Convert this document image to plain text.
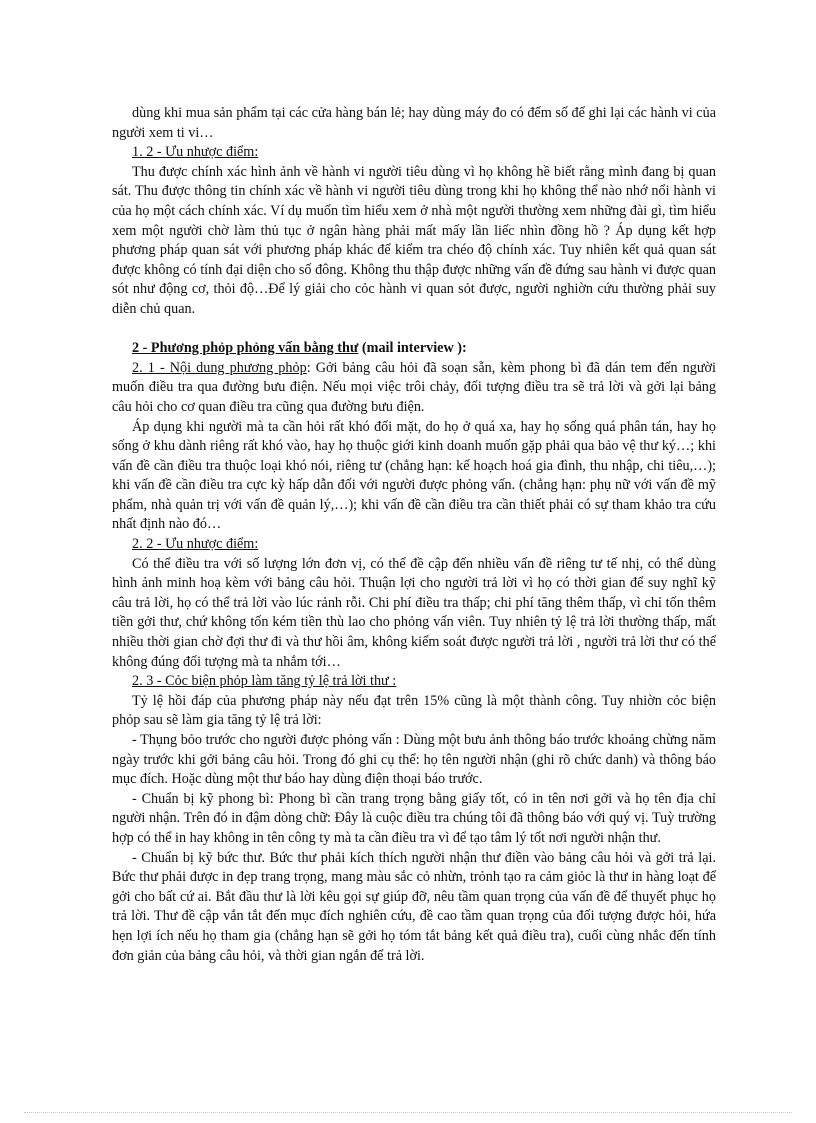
dùng khi mua sản phẩm tại các cửa hàng bán lẻ; hay dùng máy đo có đếm số để ghi lại các hành vi của người xem ti vi…

1. 2 - Ưu nhược điểm:

Thu được chính xác hình ảnh về hành vi người tiêu dùng vì họ không hề biết rằng mình đang bị quan sát. Thu được thông tin chính xác về hành vi người tiêu dùng trong khi họ không thể nào nhớ nổi hành vi của họ một cách chính xác. Ví dụ muốn tìm hiểu xem ở nhà một người thường xem những đài gì, tìm hiểu xem một người chờ làm thủ tục ở ngân hàng phải mất mấy lần liếc nhìn đồng hồ ? Áp dụng kết hợp phương pháp quan sát với phương pháp khác để kiểm tra chéo độ chính xác. Tuy nhiên kết quả quan sát được không có tính đại diện cho số đông. Không thu thập được những vấn đề đứng sau hành vi được quan sót như động cơ, thỏi độ…Để lý giải cho cỏc hành vi quan sỏt được, người nghiờn cứu thường phải suy diễn chủ quan.

2 - Phương phỏp phỏng vấn bằng thư (mail interview ):

2. 1 - Nội dung phương phỏp: Gởi bảng câu hỏi đã soạn sẵn, kèm phong bì đã dán tem đến người muốn điều tra qua đường bưu điện. Nếu mọi việc trôi chảy, đối tượng điều tra sẽ trả lời và gởi lại bảng câu hỏi cho cơ quan điều tra cũng qua đường bưu điện.

Áp dụng khi người mà ta cần hỏi rất khó đối mặt, do họ ở quá xa, hay họ sống quá phân tán, hay họ sống ở khu dành riêng rất khó vào, hay họ thuộc giới kinh doanh muốn gặp phải qua bảo vệ thư ký…; khi vấn đề cần điều tra thuộc loại khó nói, riêng tư (chẳng hạn: kế hoạch hoá gia đình, thu nhập, chi tiêu,…); khi vấn đề cần điều tra cực kỳ hấp dẫn đối với người được phỏng vấn. (chẳng hạn: phụ nữ với vấn đề mỹ phẩm, nhà quản trị với vấn đề quản lý,…); khi vấn đề cần điều tra cần thiết phải có sự tham khảo tra cứu nhất định nào đó…

2. 2 - Ưu nhược điểm:

Có thể điều tra với số lượng lớn đơn vị, có thể đề cập đến nhiều vấn đề riêng tư tế nhị, có thể dùng hình ảnh minh hoạ kèm với bảng câu hỏi. Thuận lợi cho người trả lời vì họ có thời gian để suy nghĩ kỹ câu trả lời, họ có thể trả lời vào lúc rảnh rỗi. Chi phí điều tra thấp; chi phí tăng thêm thấp, vì chỉ tốn thêm tiền gởi thư, chứ không tốn kém tiền thù lao cho phỏng vấn viên. Tuy nhiên tỷ lệ trả lời thường thấp, mất nhiều thời gian chờ đợi thư đi và thư hồi âm, không kiểm soát được người trả lời , người trả lời thư có thể không đúng đối tượng mà ta nhắm tới…

2. 3 - Cỏc biện phỏp làm tăng tỷ lệ trả lời thư :

Tỷ lệ hồi đáp của phương pháp này nếu đạt trên 15% cũng là một thành công. Tuy nhiờn cỏc biện phỏp sau sẽ làm gia tăng tỷ lệ trả lời:

- Thụng bỏo trước cho người được phỏng vấn : Dùng một bưu ảnh thông báo trước khoảng chừng năm ngày trước khi gởi bảng câu hỏi. Trong đó ghi cụ thể: họ tên người nhận (ghi rõ chức danh) và thông báo mục đích. Hoặc dùng một thư báo hay dùng điện thoại báo trước.

- Chuẩn bị kỹ phong bì: Phong bì cần trang trọng bằng giấy tốt, có in tên nơi gởi và họ tên địa chỉ người nhận. Trên đó in đậm dòng chữ: Đây là cuộc điều tra chúng tôi đã thông báo với quý vị. Tuỳ trường hợp có thể in hay không in tên công ty mà ta cần điều tra vì để tạo tâm lý tốt nơi người nhận thư.

- Chuẩn bị kỹ bức thư. Bức thư phải kích thích người nhận thư điền vào bảng câu hỏi và gởi trả lại. Bức thư phải được in đẹp trang trọng, mang màu sắc cỏ nhừn, trỏnh tạo ra cảm giỏc là thư in hàng loạt để gởi cho bất cứ ai. Bắt đầu thư là lời kêu gọi sự giúp đỡ, nêu tầm quan trọng của vấn đề để thuyết phục họ trả lời. Thư đề cập vắn tắt đến mục đích nghiên cứu, đề cao tầm quan trọng của đối tượng được hỏi, hứa hẹn lợi ích nếu họ tham gia (chẳng hạn sẽ gởi họ tóm tắt bảng kết quả điều tra), cuối cùng nhắc đến tính đơn giản của bảng câu hỏi, và thời gian ngắn để trả lời.
